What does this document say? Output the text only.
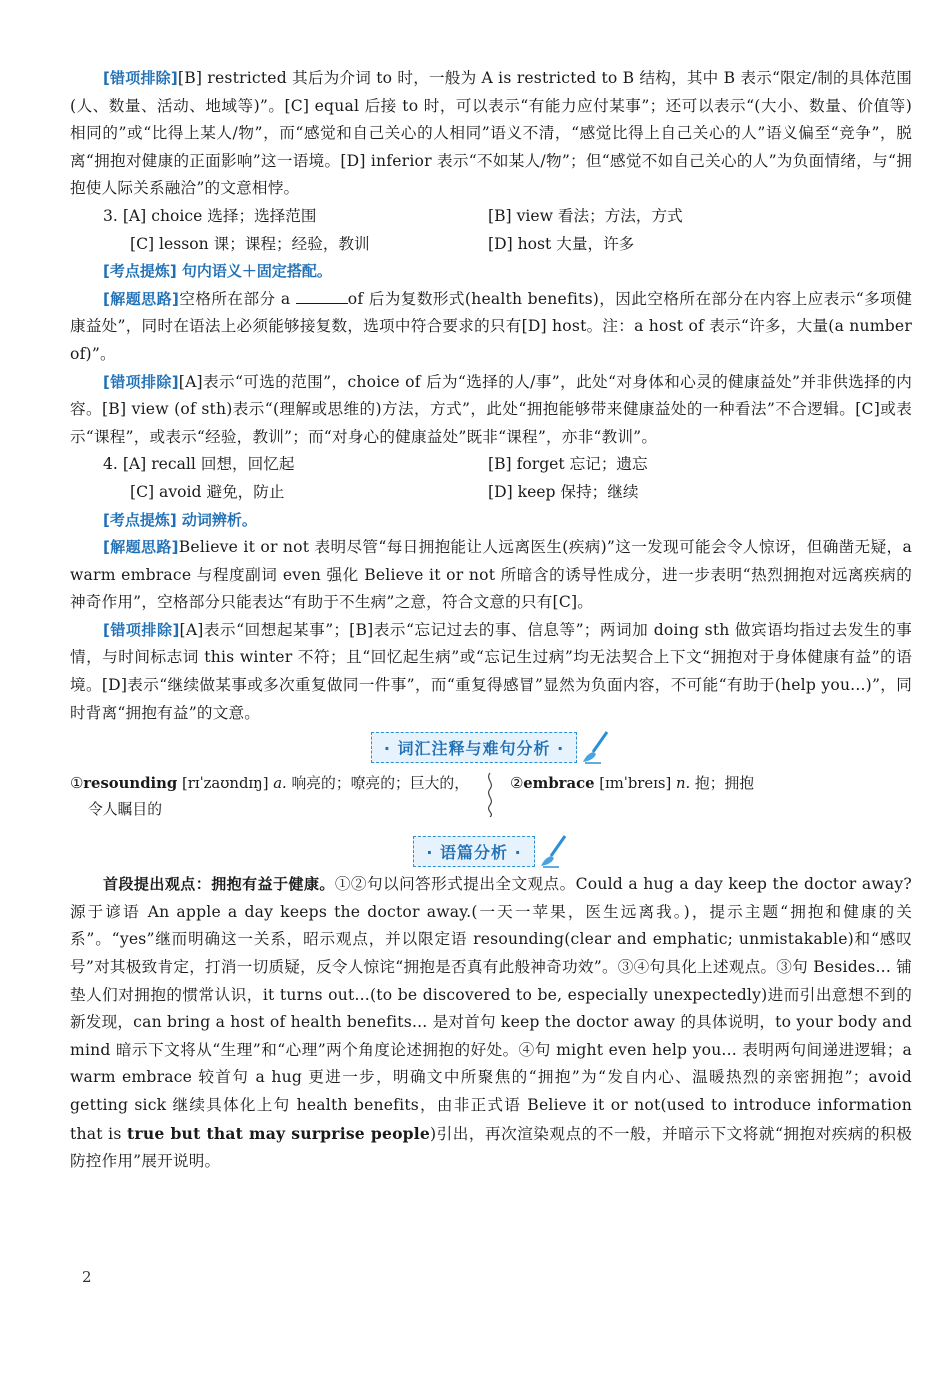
[错项排除][B] restricted 其后为介词 to 时，一般为 A is restricted to B 结构，其中 B 表示“限定/制的具体范围(人、数量、活动、地域等)”。[C] equal 后接 to 时，可以表示“有能力应付某事”；还可以表示“(大小、数量、价值等)相同的”或“比得上某人/物”，而“感觉和自己关心的人相同”语义不清，“感觉比得上自己关心的人”语义偏至“竞争”，脱离“拥抱对健康的正面影响”这一语境。[D] inferior 表示“不如某人/物”；但“感觉不如自己关心的人”为负面情绪，与“拥抱使人际关系融洽”的文意相悖。

3. [A] choice 选择；选择范围	[B] view 看法；方法，方式
[C] lesson 课；课程；经验，教训	[D] host 大量，许多
[考点提炼] 句内语义＋固定搭配。

[解题思路]空格所在部分 a	of 后为复数形式(health benefits)，因此空格所在部分在内容上应表示“多项健康益处”，同时在语法上必须能够接复数，选项中符合要求的只有[D] host。注：a host of 表示“许多，大量(a number of)”。

[错项排除][A]表示“可选的范围”，choice of 后为“选择的人/事”，此处“对身体和心灵的健康益处”并非供选择的内容。[B] view (of sth)表示“(理解或思维的)方法，方式”，此处“拥抱能够带来健康益处的一种看法”不合逻辑。[C]或表示“课程”，或表示“经验，教训”；而“对身心的健康益处”既非“课程”，亦非“教训”。

4. [A] recall 回想，回忆起	[B] forget 忘记；遗忘
[C] avoid 避免，防止	[D] keep 保持；继续
[考点提炼] 动词辨析。

[解题思路]Believe it or not 表明尽管“每日拥抱能让人远离医生(疾病)”这一发现可能会令人惊讶，但确凿无疑，a warm embrace 与程度副词 even 强化 Believe it or not 所暗含的诱导性成分，进一步表明“热烈拥抱对远离疾病的神奇作用”，空格部分只能表达“有助于不生病”之意，符合文意的只有[C]。

[错项排除][A]表示“回想起某事”；[B]表示“忘记过去的事、信息等”；两词加 doing sth 做宾语均指过去发生的事情，与时间标志词 this winter 不符；且“回忆起生病”或“忘记生过病”均无法契合上下文“拥抱对于身体健康有益”的语境。[D]表示“继续做某事或多次重复做同一件事”，而“重复得感冒”显然为负面内容，不可能“有助于(help you...)”，同时背离“拥抱有益”的文意。

· 词汇注释与难句分析 ·
①resounding [rɪˈzaʊndɪŋ] a. 响亮的；嘹亮的；巨大的，
令人瞩目的
②embrace [ɪmˈbreɪs] n. 抱；拥抱
· 语篇分析 ·

首段提出观点：拥抱有益于健康。①②句以问答形式提出全文观点。Could a hug a day keep the doctor away? 源于谚语 An apple a day keeps the doctor away.(一天一苹果，医生远离我。)，提示主题“拥抱和健康的关系”。“yes”继而明确这一关系，昭示观点，并以限定语 resounding(clear and emphatic; unmistakable)和“感叹号”对其极致肯定，打消一切质疑，反令人惊诧“拥抱是否真有此般神奇功效”。③④句具化上述观点。③句 Besides... 铺垫人们对拥抱的惯常认识，it turns out...(to be discovered to be, especially unexpectedly)进而引出意想不到的新发现，can bring a host of health benefits... 是对首句 keep the doctor away 的具体说明，to your body and mind 暗示下文将从“生理”和“心理”两个角度论述拥抱的好处。④句 might even help you... 表明两句间递进逻辑；a warm embrace 较首句 a hug 更进一步，明确文中所聚焦的“拥抱”为“发自内心、温暖热烈的亲密拥抱”；avoid getting sick 继续具体化上句 health benefits，由非正式语 Believe it or not(used to introduce information that is true but that may surprise people)引出，再次渲染观点的不一般，并暗示下文将就“拥抱对疾病的积极防控作用”展开说明。

2
